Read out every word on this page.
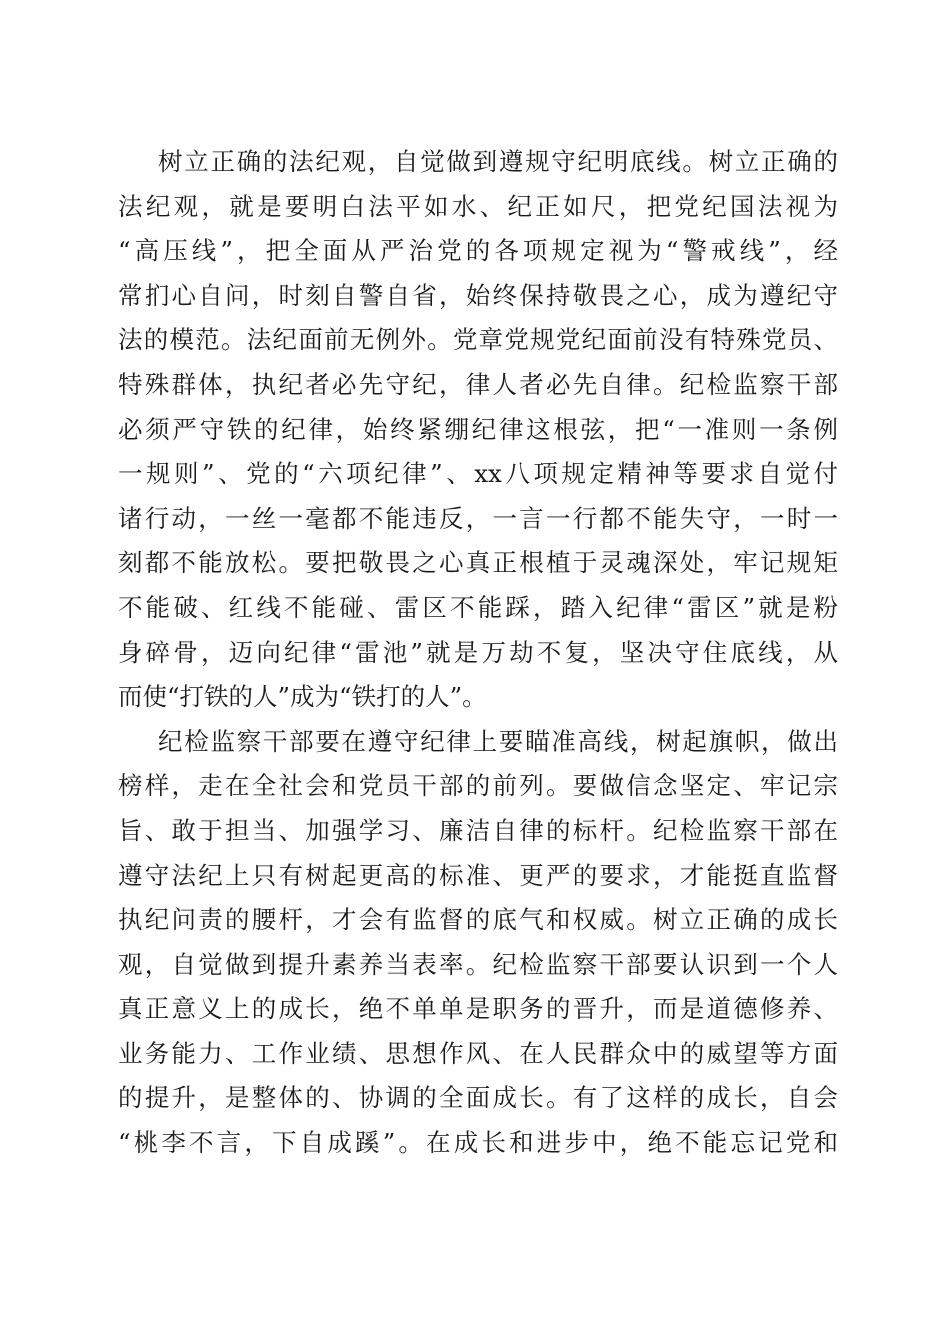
树立正确的法纪观，自觉做到遵规守纪明底线。树立正确的
法纪观，就是要明白法平如水、纪正如尺，把党纪国法视为
“高压线”，把全面从严治党的各项规定视为“警戒线”，经
常扪心自问，时刻自警自省，始终保持敬畏之心，成为遵纪守
法的模范。法纪面前无例外。党章党规党纪面前没有特殊党员、
特殊群体，执纪者必先守纪，律人者必先自律。纪检监察干部
必须严守铁的纪律，始终紧绷纪律这根弦，把“一准则一条例
一规则”、党的“六项纪律”、xx八项规定精神等要求自觉付
诸行动，一丝一毫都不能违反，一言一行都不能失守，一时一
刻都不能放松。要把敬畏之心真正根植于灵魂深处，牢记规矩
不能破、红线不能碰、雷区不能踩，踏入纪律“雷区”就是粉
身碎骨，迈向纪律“雷池”就是万劫不复，坚决守住底线，从
而使“打铁的人”成为“铁打的人”。
纪检监察干部要在遵守纪律上要瞄准高线，树起旗帜，做出
榜样，走在全社会和党员干部的前列。要做信念坚定、牢记宗
旨、敢于担当、加强学习、廉洁自律的标杆。纪检监察干部在
遵守法纪上只有树起更高的标准、更严的要求，才能挺直监督
执纪问责的腰杆，才会有监督的底气和权威。树立正确的成长
观，自觉做到提升素养当表率。纪检监察干部要认识到一个人
真正意义上的成长，绝不单单是职务的晋升，而是道德修养、
业务能力、工作业绩、思想作风、在人民群众中的威望等方面
的提升，是整体的、协调的全面成长。有了这样的成长，自会
“桃李不言，下自成蹊”。在成长和进步中，绝不能忘记党和
